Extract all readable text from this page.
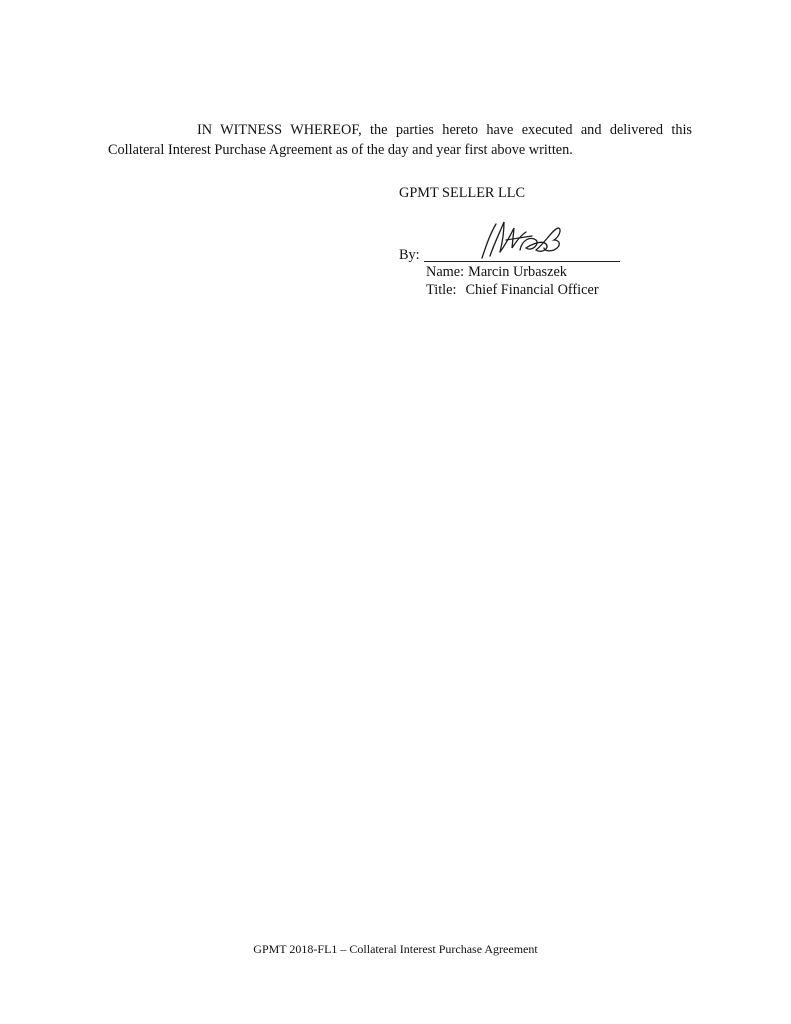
IN WITNESS WHEREOF, the parties hereto have executed and delivered this Collateral Interest Purchase Agreement as of the day and year first above written.

GPMT SELLER LLC
By:
Name: Marcin Urbaszek
Title: Chief Financial Officer
GPMT 2018-FL1 – Collateral Interest Purchase Agreement
